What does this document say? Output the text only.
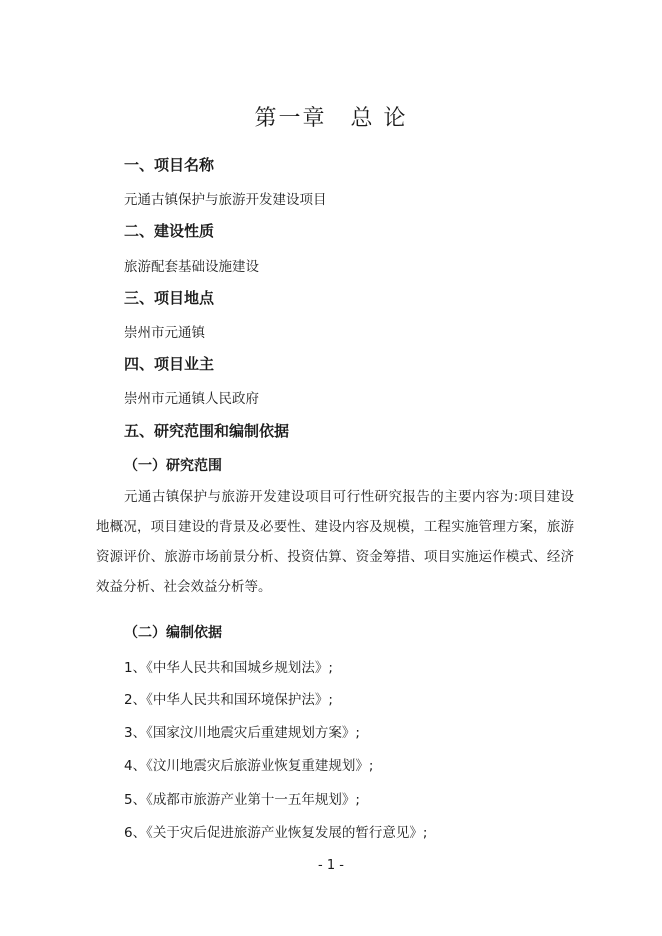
第一章　总 论
一、项目名称
元通古镇保护与旅游开发建设项目
二、建设性质
旅游配套基础设施建设
三、项目地点
崇州市元通镇
四、项目业主
崇州市元通镇人民政府
五、研究范围和编制依据
（一）研究范围
元通古镇保护与旅游开发建设项目可行性研究报告的主要内容为:项目建设地概况，项目建设的背景及必要性、建设内容及规模，工程实施管理方案，旅游资源评价、旅游市场前景分析、投资估算、资金筹措、项目实施运作模式、经济效益分析、社会效益分析等。
（二）编制依据
1、《中华人民共和国城乡规划法》;
2、《中华人民共和国环境保护法》;
3、《国家汶川地震灾后重建规划方案》;
4、《汶川地震灾后旅游业恢复重建规划》;
5、《成都市旅游产业第十一五年规划》;
6、《关于灾后促进旅游产业恢复发展的暂行意见》;
- 1 -
